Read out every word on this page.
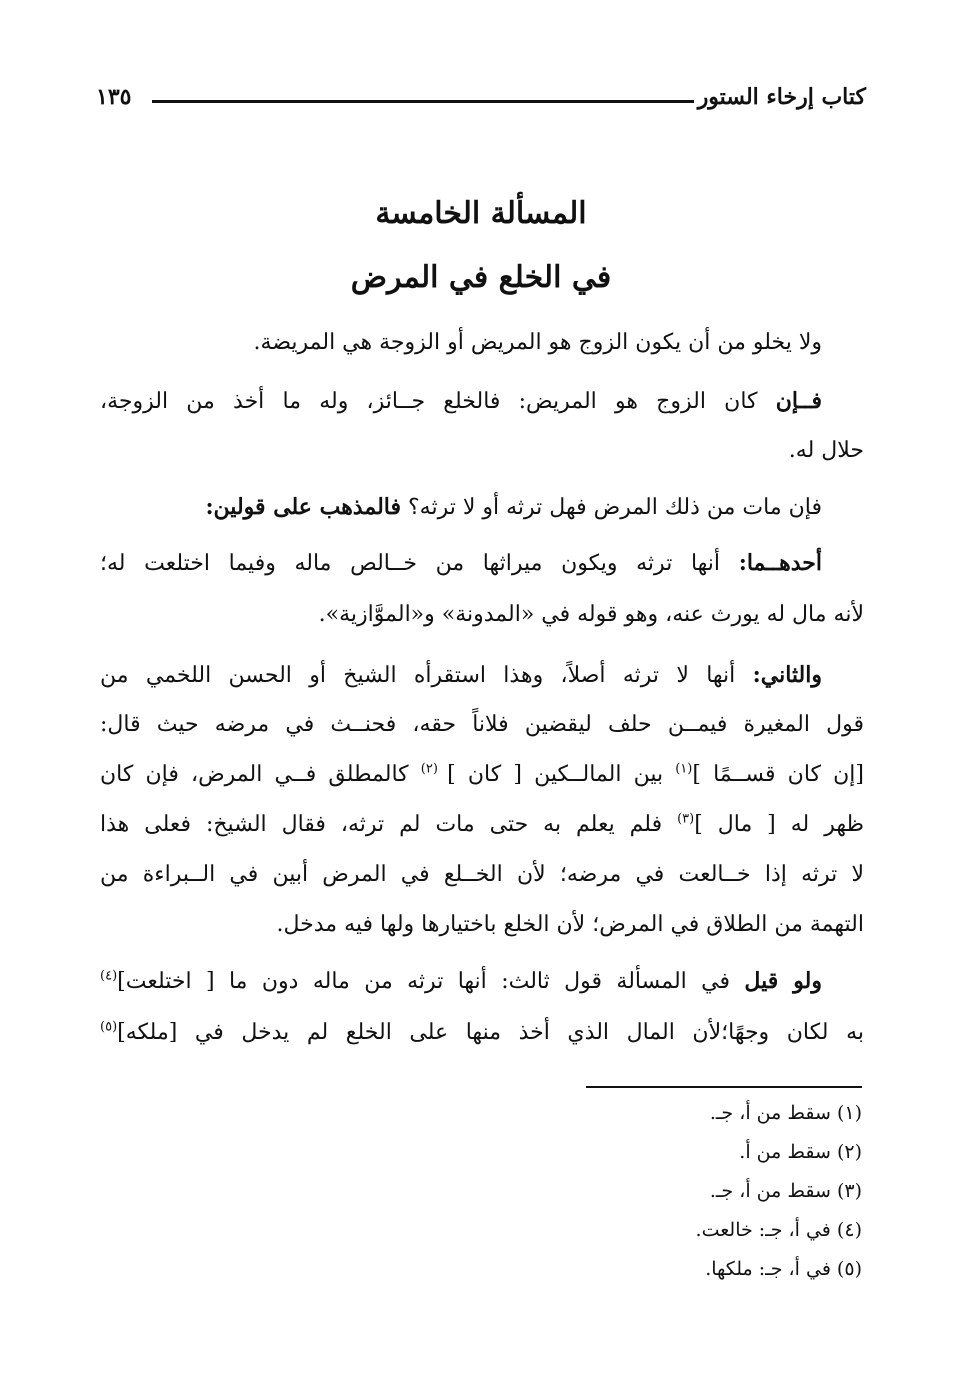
كتاب إرخاء الستور
١٣٥
المسألة الخامسة
في الخلع في المرض
ولا يخلو من أن يكون الزوج هو المريض أو الزوجة هي المريضة.
فــإن كان الزوج هو المريض: فالخلع جــائز، وله ما أخذ من الزوجة،
حلال له.
فإن مات من ذلك المرض فهل ترثه أو لا ترثه؟ فالمذهب على قولين:
أحدهــما: أنها ترثه ويكون ميراثها من خــالص ماله وفيما اختلعت له؛
لأنه مال له يورث عنه، وهو قوله في «المدونة» و«الموَّازية».
والثاني: أنها لا ترثه أصلاً، وهذا استقرأه الشيخ أو الحسن اللخمي من
قول المغيرة فيمــن حلف ليقضين فلاناً حقه، فحنــث في مرضه حيث قال:
[إن كان قســمًا ]$^{(١)}$ بين المالــكين [ كان ] $^{(٢)}$ كالمطلق فــي المرض، فإن كان
ظهر له [ مال ]$^{(٣)}$ فلم يعلم به حتى مات لم ترثه، فقال الشيخ: فعلى هذا
لا ترثه إذا خــالعت في مرضه؛ لأن الخــلع في المرض أبين في الــبراءة من
التهمة من الطلاق في المرض؛ لأن الخلع باختيارها ولها فيه مدخل.
ولو قيل في المسألة قول ثالث: أنها ترثه من ماله دون ما [ اختلعت]$^{(٤)}$
به لكان وجهًا؛لأن المال الذي أخذ منها على الخلع لم يدخل في [ملكه]$^{(٥)}$
(١) سقط من أ، جـ.
(٢) سقط من أ.
(٣) سقط من أ، جـ.
(٤) في أ، جـ: خالعت.
(٥) في أ، جـ: ملكها.
